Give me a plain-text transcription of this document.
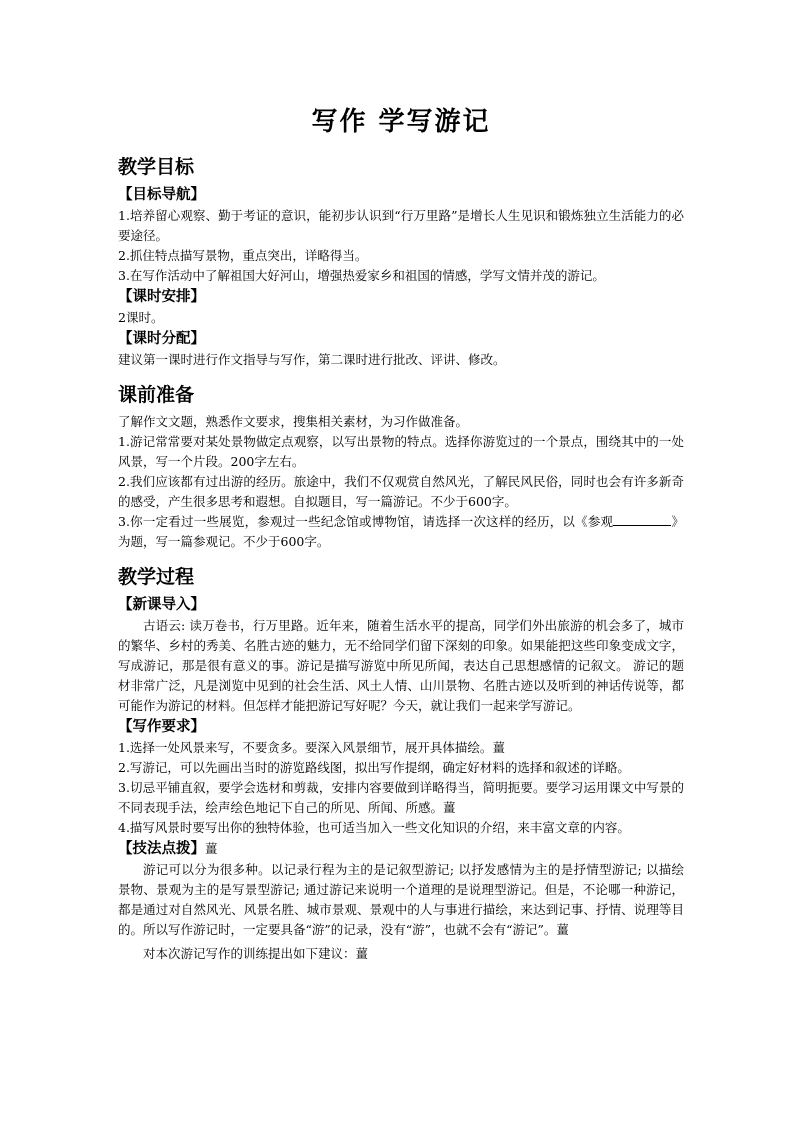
写作 学写游记
教学目标
【目标导航】

1.培养留心观察、勤于考证的意识，能初步认识到“行万里路”是增长人生见识和锻炼独立生活能力的必要途径。

2.抓住特点描写景物，重点突出，详略得当。

3.在写作活动中了解祖国大好河山，增强热爱家乡和祖国的情感，学写文情并茂的游记。

【课时安排】

2课时。

【课时分配】

建议第一课时进行作文指导与写作，第二课时进行批改、评讲、修改。

课前准备

了解作文文题，熟悉作文要求，搜集相关素材，为习作做准备。

1.游记常常要对某处景物做定点观察，以写出景物的特点。选择你游览过的一个景点，围绕其中的一处风景，写一个片段。200字左右。

2.我们应该都有过出游的经历。旅途中，我们不仅观赏自然风光，了解民风民俗，同时也会有许多新奇的感受，产生很多思考和遐想。自拟题目，写一篇游记。不少于600字。

3.你一定看过一些展览，参观过一些纪念馆或博物馆，请选择一次这样的经历，以《参观	》为题，写一篇参观记。不少于600字。

教学过程
【新课导入】

古语云: 读万卷书，行万里路。近年来，随着生活水平的提高，同学们外出旅游的机会多了，城市的繁华、乡村的秀美、名胜古迹的魅力，无不给同学们留下深刻的印象。如果能把这些印象变成文字，写成游记，那是很有意义的事。游记是描写游览中所见所闻，表达自己思想感情的记叙文。 游记的题材非常广泛，凡是浏览中见到的社会生活、风土人情、山川景物、名胜古迹以及听到的神话传说等，都可能作为游记的材料。但怎样才能把游记写好呢？今天，就让我们一起来学写游记。

【写作要求】

1.选择一处风景来写，不要贪多。要深入风景细节，展开具体描绘。薑

2.写游记，可以先画出当时的游览路线图，拟出写作提纲，确定好材料的选择和叙述的详略。

3.切忌平铺直叙，要学会选材和剪裁，安排内容要做到详略得当，简明扼要。要学习运用课文中写景的不同表现手法，绘声绘色地记下自己的所见、所闻、所感。薑

4.描写风景时要写出你的独特体验，也可适当加入一些文化知识的介绍，来丰富文章的内容。

【技法点拨】薑

游记可以分为很多种。以记录行程为主的是记叙型游记; 以抒发感情为主的是抒情型游记; 以描绘景物、景观为主的是写景型游记; 通过游记来说明一个道理的是说理型游记。但是，不论哪一种游记，都是通过对自然风光、风景名胜、城市景观、景观中的人与事进行描绘，来达到记事、抒情、说理等目的。所以写作游记时，一定要具备“游”的记录，没有“游”，也就不会有“游记”。薑

对本次游记写作的训练提出如下建议：薑
